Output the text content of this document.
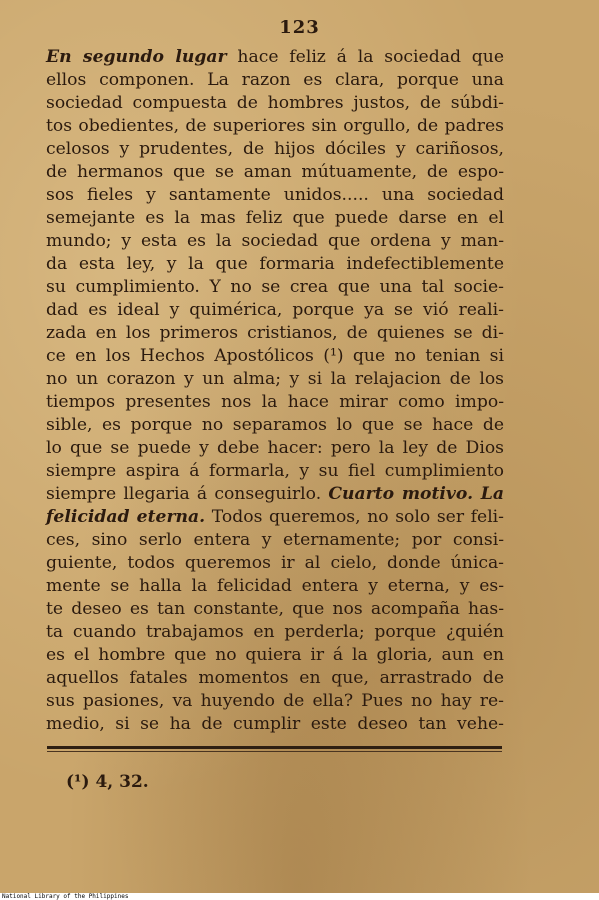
123
En segundo lugar hace feliz á la sociedad que
ellos componen. La razon es clara, porque una
sociedad compuesta de hombres justos, de súbdi-
tos obedientes, de superiores sin orgullo, de padres
celosos y prudentes, de hijos dóciles y cariñosos,
de hermanos que se aman mútuamente, de espo-
sos fieles y santamente unidos..... una sociedad
semejante es la mas feliz que puede darse en el
mundo; y esta es la sociedad que ordena y man-
da esta ley, y la que formaria indefectiblemente
su cumplimiento. Y no se crea que una tal socie-
dad es ideal y quimérica, porque ya se vió reali-
zada en los primeros cristianos, de quienes se di-
ce en los Hechos Apostólicos (¹) que no tenian si
no un corazon y un alma; y si la relajacion de los
tiempos presentes nos la hace mirar como impo-
sible, es porque no separamos lo que se hace de
lo que se puede y debe hacer: pero la ley de Dios
siempre aspira á formarla, y su fiel cumplimiento
siempre llegaria á conseguirlo. Cuarto motivo. La
felicidad eterna. Todos queremos, no solo ser feli-
ces, sino serlo entera y eternamente; por consi-
guiente, todos queremos ir al cielo, donde única-
mente se halla la felicidad entera y eterna, y es-
te deseo es tan constante, que nos acompaña has-
ta cuando trabajamos en perderla; porque ¿quién
es el hombre que no quiera ir á la gloria, aun en
aquellos fatales momentos en que, arrastrado de
sus pasiones, va huyendo de ella? Pues no hay re-
medio, si se ha de cumplir este deseo tan vehe-
(¹) 4, 32.
National Library of the Philippines
